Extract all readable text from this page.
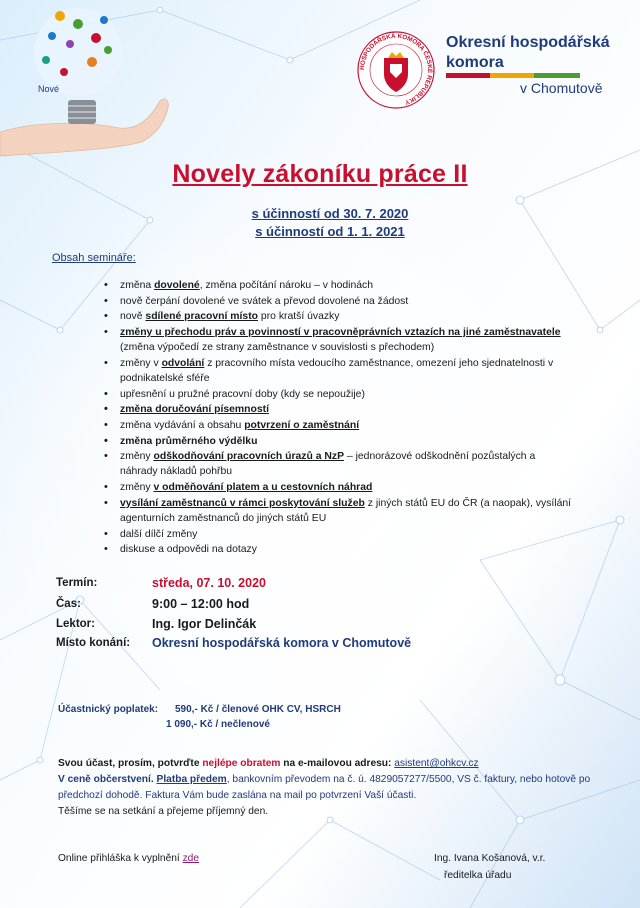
Nové
HOSPODÁŘSKÁ KOMORA ČESKÉ REPUBLIKY
Okresní hospodářská
komora
v Chomutově
Novely zákoníku práce II
s účinností od 30. 7. 2020
s účinností od 1. 1. 2021
Obsah semináře:
• změna dovolené, změna počítání nároku – v hodinách
• nově čerpání dovolené ve svátek a převod dovolené na žádost
• nově sdílené pracovní místo pro kratší úvazky
• změny u přechodu práv a povinností v pracovněprávních vztazích na jiné zaměstnavatele
(změna výpočedí ze strany zaměstnance v souvislosti s přechodem)
• změny v odvolání z pracovního místa vedoucího zaměstnance, omezení jeho sjednatelnosti v podnikatelské sféře
• upřesnění u pružné pracovní doby (kdy se nepoužije)
• změna doručování písemností
• změna vydávání a obsahu potvrzení o zaměstnání
• změna průměrného výdělku
• změny odškodňování pracovních úrazů a NzP – jednorázové odškodnění pozůstalých a náhrady nákladů pohřbu
• změny v odměňování platem a u cestovních náhrad
• vysílání zaměstnanců v rámci poskytování služeb z jiných států EU do ČR (a naopak), vysílání agenturních zaměstnanců do jiných států EU
• další dílčí změny
• diskuse a odpovědi na dotazy
Termín:	středa, 07. 10. 2020
Čas:	9:00 – 12:00 hod
Lektor:	Ing. Igor Delinčák
Místo konání: Okresní hospodářská komora v Chomutově
Účastnický poplatek: 590,- Kč / členové OHK CV, HSRCH
1 090,- Kč / nečlenové
Svou účast, prosím, potvrďte nejlépe obratem na e-mailovou adresu: asistent@ohkcv.cz
V ceně občerstvení. Platba předem, bankovním převodem na č. ú. 4829057277/5500, VS č. faktury, nebo hotově po předchozí dohodě. Faktura Vám bude zaslána na mail po potvrzení Vaší účasti.
Těšíme se na setkání a přejeme příjemný den.
Online přihláška k vyplnění zde	Ing. Ivana Košanová, v.r.
ředitelka úřadu
